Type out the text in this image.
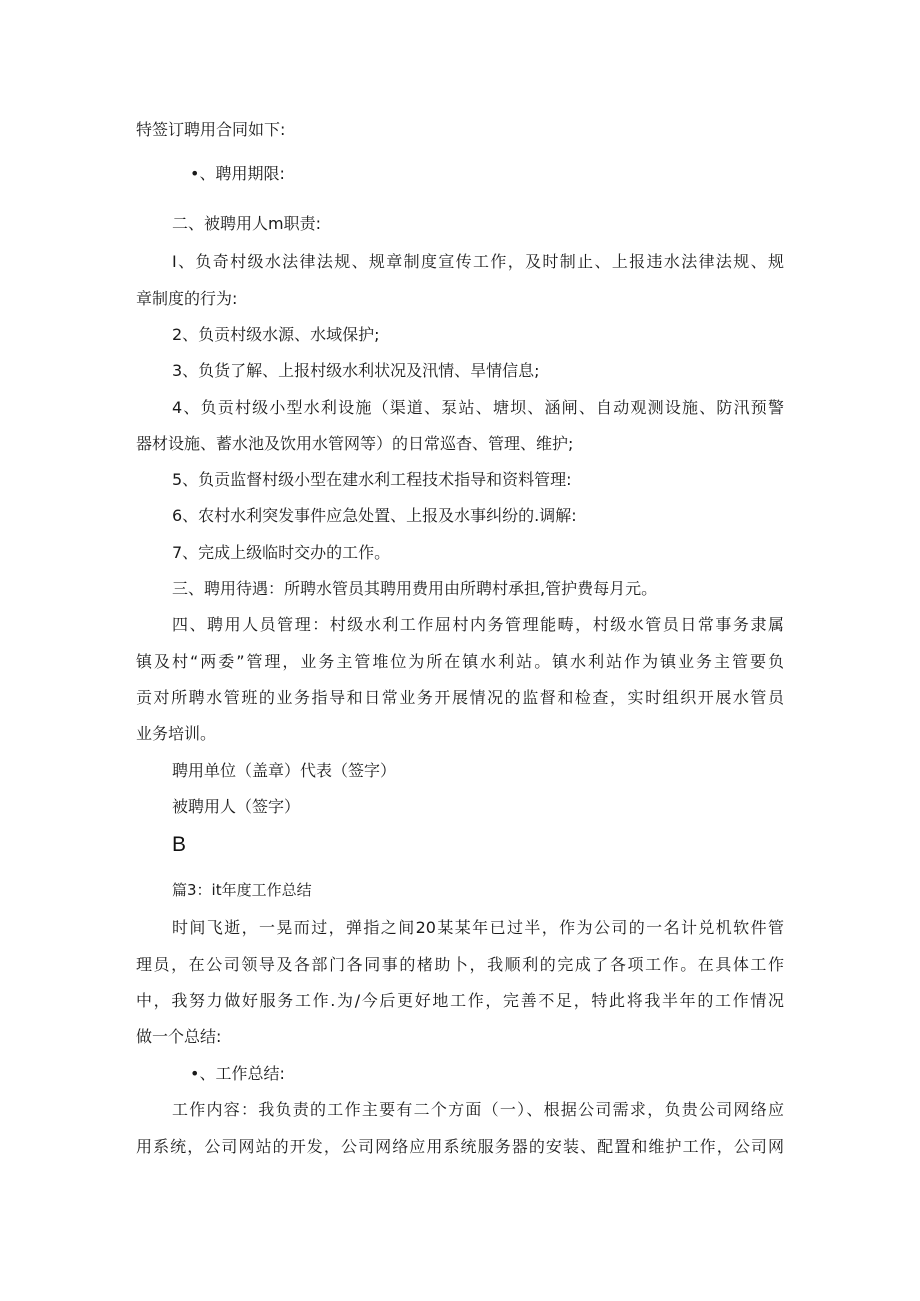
特签订聘用合同如下:
•、聘用期限:
二、被聘用人m职责:
I、负奇村级水法律法规、规章制度宣传工作，及时制止、上报违水法律法规、规
章制度的行为:
2、负贡村级水源、水域保护;
3、负货了解、上报村级水利状况及汛情、旱情信息;
4、负贡村级小型水利设施（渠道、泵站、塘坝、涵闸、自动观测设施、防汛预警
器材设施、蓄水池及饮用水管网等）的日常巡杳、管理、维护;
5、负贡监督村级小型在建水利工程技术指导和资料管理:
6、农村水利突发事件应急处置、上报及水事纠纷的.调解:
7、完成上级临时交办的工作。
三、聘用待遇：所聘水管员其聘用费用由所聘村承担,管护费每月元。
四、聘用人员管理：村级水利工作屈村内务管理能畴，村级水管员日常事务隶属
镇及村“两委”管理，业务主管堆位为所在镇水利站。镇水利站作为镇业务主管要负
贡对所聘水管班的业务指导和日常业务开展情况的监督和检查，实时组织开展水管员
业务培训。
聘用单位（盖章）代表（签字）
被聘用人（签字）
B
篇3：it年度工作总结
时间飞逝，一晃而过，弹指之间20某某年已过半，作为公司的一名计兑机软件管
理员，在公司领导及各部门各同事的楮助卜，我顺利的完成了各项工作。在具体工作
中，我努力做好服务工作.为/今后更好地工作，完善不足，特此将我半年的工作情况
做一个总结:
•、工作总结:
工作内容：我负责的工作主要有二个方面（一）、根据公司需求，负贵公司网络应
用系统，公司网站的开发，公司网络应用系统服务器的安装、配置和维护工作，公司网
